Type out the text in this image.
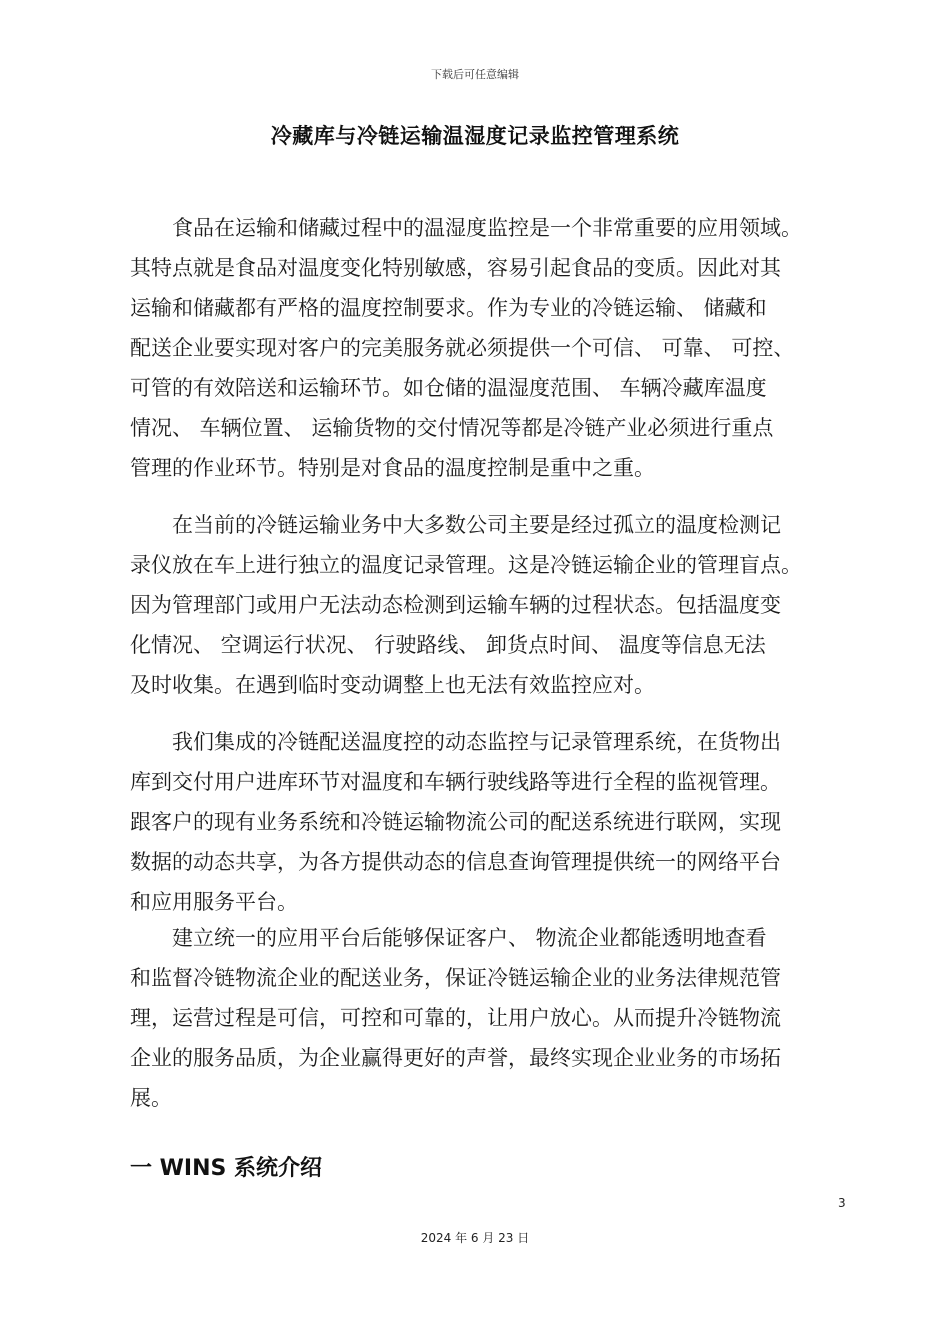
下载后可任意编辑
冷藏库与冷链运输温湿度记录监控管理系统
　　食品在运输和储藏过程中的温湿度监控是一个非常重要的应用领域。
其特点就是食品对温度变化特别敏感，容易引起食品的变质。因此对其
运输和储藏都有严格的温度控制要求。作为专业的冷链运输、 储藏和
配送企业要实现对客户的完美服务就必须提供一个可信、 可靠、 可控、
可管的有效陪送和运输环节。如仓储的温湿度范围、 车辆冷藏库温度
情况、 车辆位置、 运输货物的交付情况等都是冷链产业必须进行重点
管理的作业环节。特别是对食品的温度控制是重中之重。
　　在当前的冷链运输业务中大多数公司主要是经过孤立的温度检测记
录仪放在车上进行独立的温度记录管理。这是冷链运输企业的管理盲点。
因为管理部门或用户无法动态检测到运输车辆的过程状态。包括温度变
化情况、 空调运行状况、 行驶路线、 卸货点时间、 温度等信息无法
及时收集。在遇到临时变动调整上也无法有效监控应对。
　　我们集成的冷链配送温度控的动态监控与记录管理系统，在货物出
库到交付用户进库环节对温度和车辆行驶线路等进行全程的监视管理。
跟客户的现有业务系统和冷链运输物流公司的配送系统进行联网，实现
数据的动态共享，为各方提供动态的信息查询管理提供统一的网络平台
和应用服务平台。
　　建立统一的应用平台后能够保证客户、 物流企业都能透明地查看
和监督冷链物流企业的配送业务，保证冷链运输企业的业务法律规范管
理，运营过程是可信，可控和可靠的，让用户放心。从而提升冷链物流
企业的服务品质，为企业赢得更好的声誉，最终实现企业业务的市场拓
展。
一 WINS 系统介绍
3
2024 年 6 月 23 日
